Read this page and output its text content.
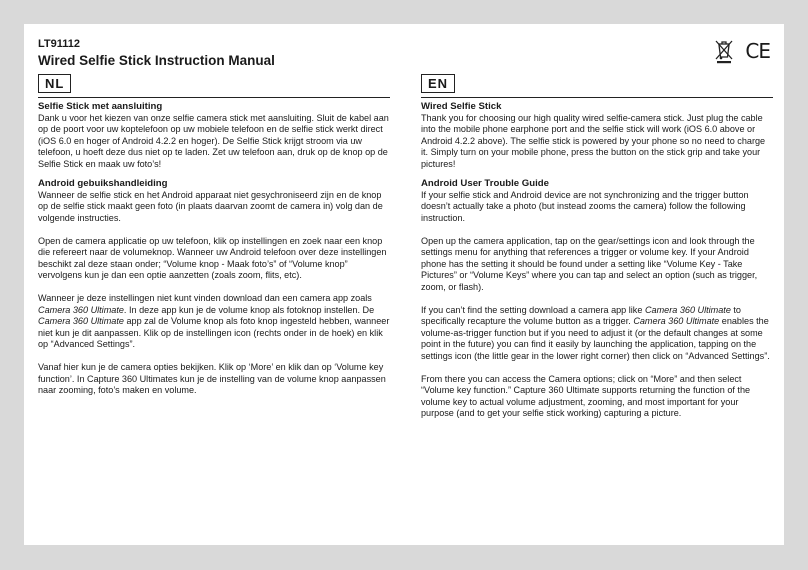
LT91112
Wired Selfie Stick Instruction Manual	CE
NL
Selfie Stick met aansluiting

Dank u voor het kiezen van onze selfie camera stick met aansluiting. Sluit de kabel aan op de poort voor uw koptelefoon op uw mobiele telefoon en de selfie stick werkt direct (iOS 6.0 en hoger of Android 4.2.2 en hoger). De Selfie Stick krijgt stroom via uw telefoon, u hoeft deze dus niet op te laden. Zet uw telefoon aan, druk op de knop op de Selfie Stick en maak uw foto’s!

Android gebuikshandleiding

Wanneer de selfie stick en het Android apparaat niet gesychroniseerd zijn en de knop op de selfie stick maakt geen foto (in plaats daarvan zoomt de camera in) volg dan de volgende instructies.

Open de camera applicatie op uw telefoon, klik op instellingen en zoek naar een knop die refereert naar de volumeknop. Wanneer uw Android telefoon over deze instellingen beschikt zal deze staan onder; “Volume knop - Maak foto’s” of “Volume knop” vervolgens kun je dan een optie aanzetten (zoals zoom, flits, etc).

Wanneer je deze instellingen niet kunt vinden download dan een camera app zoals Camera 360 Ultimate. In deze app kun je de volume knop als fotoknop instellen. De Camera 360 Ultimate app zal de Volume knop als foto knop ingesteld hebben, wanneer niet kun je dit aanpassen. Klik op de instellingen icon (rechts onder in de hoek) en klik op “Advanced Settings”.

Vanaf hier kun je de camera opties bekijken. Klik op ‘More’ en klik dan op ‘Volume key function’. In Capture 360 Ultimates kun je de instelling van de volume knop aanpassen naar zooming, foto’s maken en volume.

EN
Wired Selfie Stick

Thank you for choosing our high quality wired selfie-camera stick. Just plug the cable into the mobile phone earphone port and the selfie stick will work (iOS 6.0 above or Android 4.2.2 above). The selfie stick is powered by your phone so no need to charge it. Simply turn on your mobile phone, press the button on the stick grip and take your pictures!

Android User Trouble Guide

If your selfie stick and Android device are not synchronizing and the trigger button doesn’t actually take a photo (but instead zooms the camera) follow the following instruction.

Open up the camera application, tap on the gear/settings icon and look through the settings menu for anything that references a trigger or volume key. If your Android phone has the setting it should be found under a setting like “Volume Key - Take Pictures” or “Volume Keys” where you can tap and select an option (such as trigger, zoom, or flash).

If you can’t find the setting download a camera app like Camera 360 Ultimate to specifically recapture the volume button as a trigger. Camera 360 Ultimate enables the volume-as-trigger function but if you need to adjust it (or the default changes at some point in the future) you can find it easily by launching the application, tapping on the settings icon (the little gear in the lower right corner) then click on “Advanced Settings”.

From there you can access the Camera options; click on “More” and then select “Volume key function.” Capture 360 Ultimate supports returning the function of the volume key to actual volume adjustment, zooming, and most important for your purpose (and to get your selfie stick working) capturing a picture.
